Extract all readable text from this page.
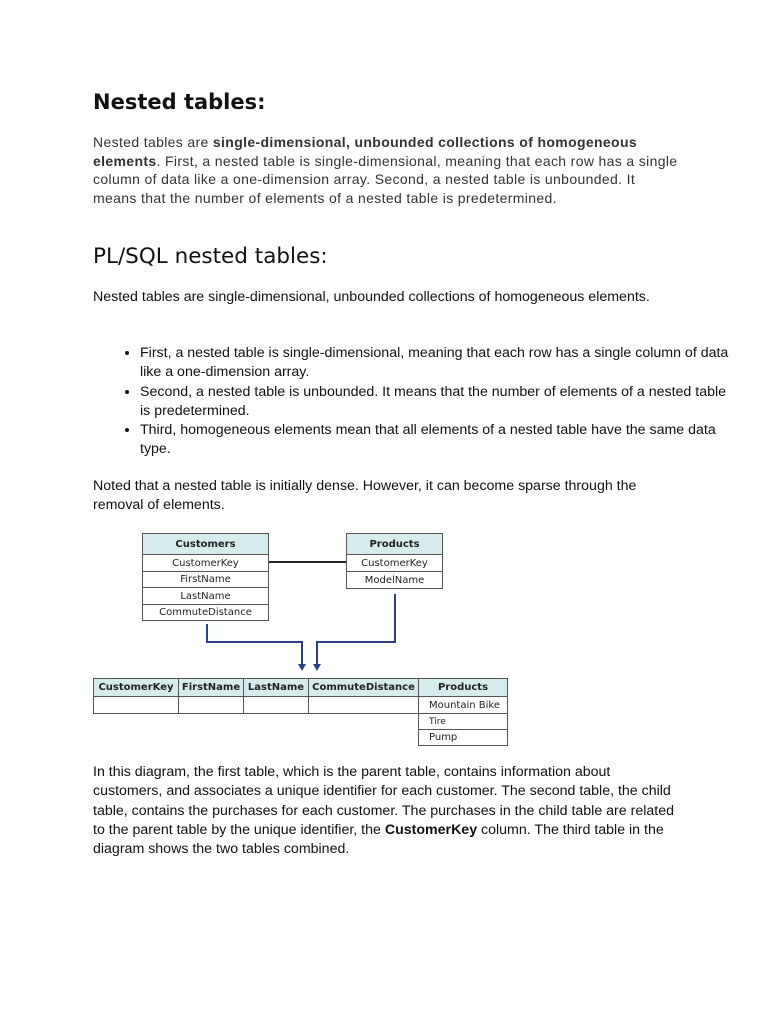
Nested tables:

Nested tables are single-dimensional, unbounded collections of homogeneous elements. First, a nested table is single-dimensional, meaning that each row has a single column of data like a one-dimension array. Second, a nested table is unbounded. It means that the number of elements of a nested table is predetermined.

PL/SQL nested tables:

Nested tables are single-dimensional, unbounded collections of homogeneous elements.

• First, a nested table is single-dimensional, meaning that each row has a single column of data like a one-dimension array.
• Second, a nested table is unbounded. It means that the number of elements of a nested table is predetermined.
• Third, homogeneous elements mean that all elements of a nested table have the same data type.

Noted that a nested table is initially dense. However, it can become sparse through the removal of elements.

Customers
CustomerKey
FirstName
LastName
CommuteDistance
Products
CustomerKey
ModelName
CustomerKey FirstName LastName CommuteDistance	Products
Mountain Bike
Tire
Pump

In this diagram, the first table, which is the parent table, contains information about customers, and associates a unique identifier for each customer. The second table, the child table, contains the purchases for each customer. The purchases in the child table are related to the parent table by the unique identifier, the CustomerKey column. The third table in the diagram shows the two tables combined.
